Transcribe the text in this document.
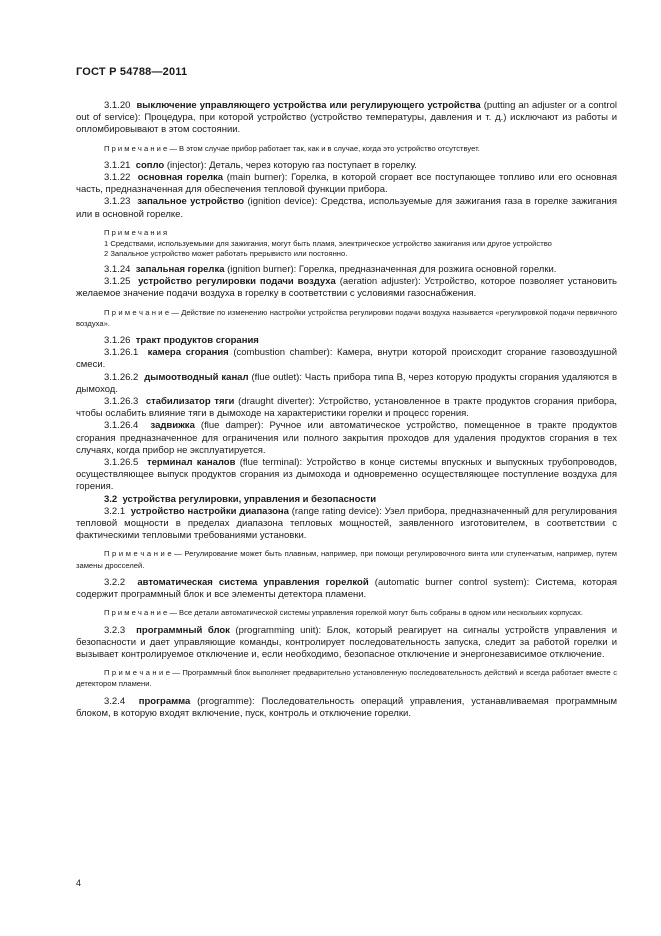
ГОСТ Р 54788—2011

3.1.20 выключение управляющего устройства или регулирующего устройства (putting an adjuster or a control out of service): Процедура, при которой устройство (устройство температуры, давления и т. д.) исключают из работы и опломбировывают в этом состоянии.

П р и м е ч а н и е — В этом случае прибор работает так, как и в случае, когда это устройство отсутствует.

3.1.21 сопло (injector): Деталь, через которую газ поступает в горелку.

3.1.22 основная горелка (main burner): Горелка, в которой сгорает все поступающее топливо или его основная часть, предназначенная для обеспечения тепловой функции прибора.

3.1.23 запальное устройство (ignition device): Средства, используемые для зажигания газа в горелке зажигания или в основной горелке.

П р и м е ч а н и я

1 Средствами, используемыми для зажигания, могут быть пламя, электрическое устройство зажигания или другое устройство

2 Запальное устройство может работать прерывисто или постоянно.

3.1.24 запальная горелка (ignition burner): Горелка, предназначенная для розжига основной горелки.

3.1.25 устройство регулировки подачи воздуха (aeration adjuster): Устройство, которое позволяет установить желаемое значение подачи воздуха в горелку в соответствии с условиями газоснабжения.

П р и м е ч а н и е — Действие по изменению настройки устройства регулировки подачи воздуха называется «регулировкой подачи первичного воздуха».

3.1.26 тракт продуктов сгорания

3.1.26.1 камера сгорания (combustion chamber): Камера, внутри которой происходит сгорание газовоздушной смеси.

3.1.26.2 дымоотводный канал (flue outlet): Часть прибора типа В, через которую продукты сгорания удаляются в дымоход.

3.1.26.3 стабилизатор тяги (draught diverter): Устройство, установленное в тракте продуктов сгорания прибора, чтобы ослабить влияние тяги в дымоходе на характеристики горелки и процесс горения.

3.1.26.4 задвижка (flue damper): Ручное или автоматическое устройство, помещенное в тракте продуктов сгорания предназначенное для ограничения или полного закрытия проходов для удаления продуктов сгорания в тех случаях, когда прибор не эксплуатируется.

3.1.26.5 терминал каналов (flue terminal): Устройство в конце системы впускных и выпускных трубопроводов, осуществляющее выпуск продуктов сгорания из дымохода и одновременно осуществляющее поступление воздуха для горения.

3.2 устройства регулировки, управления и безопасности

3.2.1 устройство настройки диапазона (range rating device): Узел прибора, предназначенный для регулирования тепловой мощности в пределах диапазона тепловых мощностей, заявленного изготовителем, в соответствии с фактическими тепловыми требованиями установки.

П р и м е ч а н и е — Регулирование может быть плавным, например, при помощи регулировочного винта или ступенчатым, например, путем замены дросселей.

3.2.2 автоматическая система управления горелкой (automatic burner control system): Система, которая содержит программный блок и все элементы детектора пламени.

П р и м е ч а н и е — Все детали автоматической системы управления горелкой могут быть собраны в одном или нескольких корпусах.

3.2.3 программный блок (programming unit): Блок, который реагирует на сигналы устройств управления и безопасности и дает управляющие команды, контролирует последовательность запуска, следит за работой горелки и вызывает контролируемое отключение и, если необходимо, безопасное отключение и энергонезависимое отключение.

П р и м е ч а н и е — Программный блок выполняет предварительно установленную последовательность действий и всегда работает вместе с детектором пламени.

3.2.4 программа (programme): Последовательность операций управления, устанавливаемая программным блоком, в которую входят включение, пуск, контроль и отключение горелки.

4
